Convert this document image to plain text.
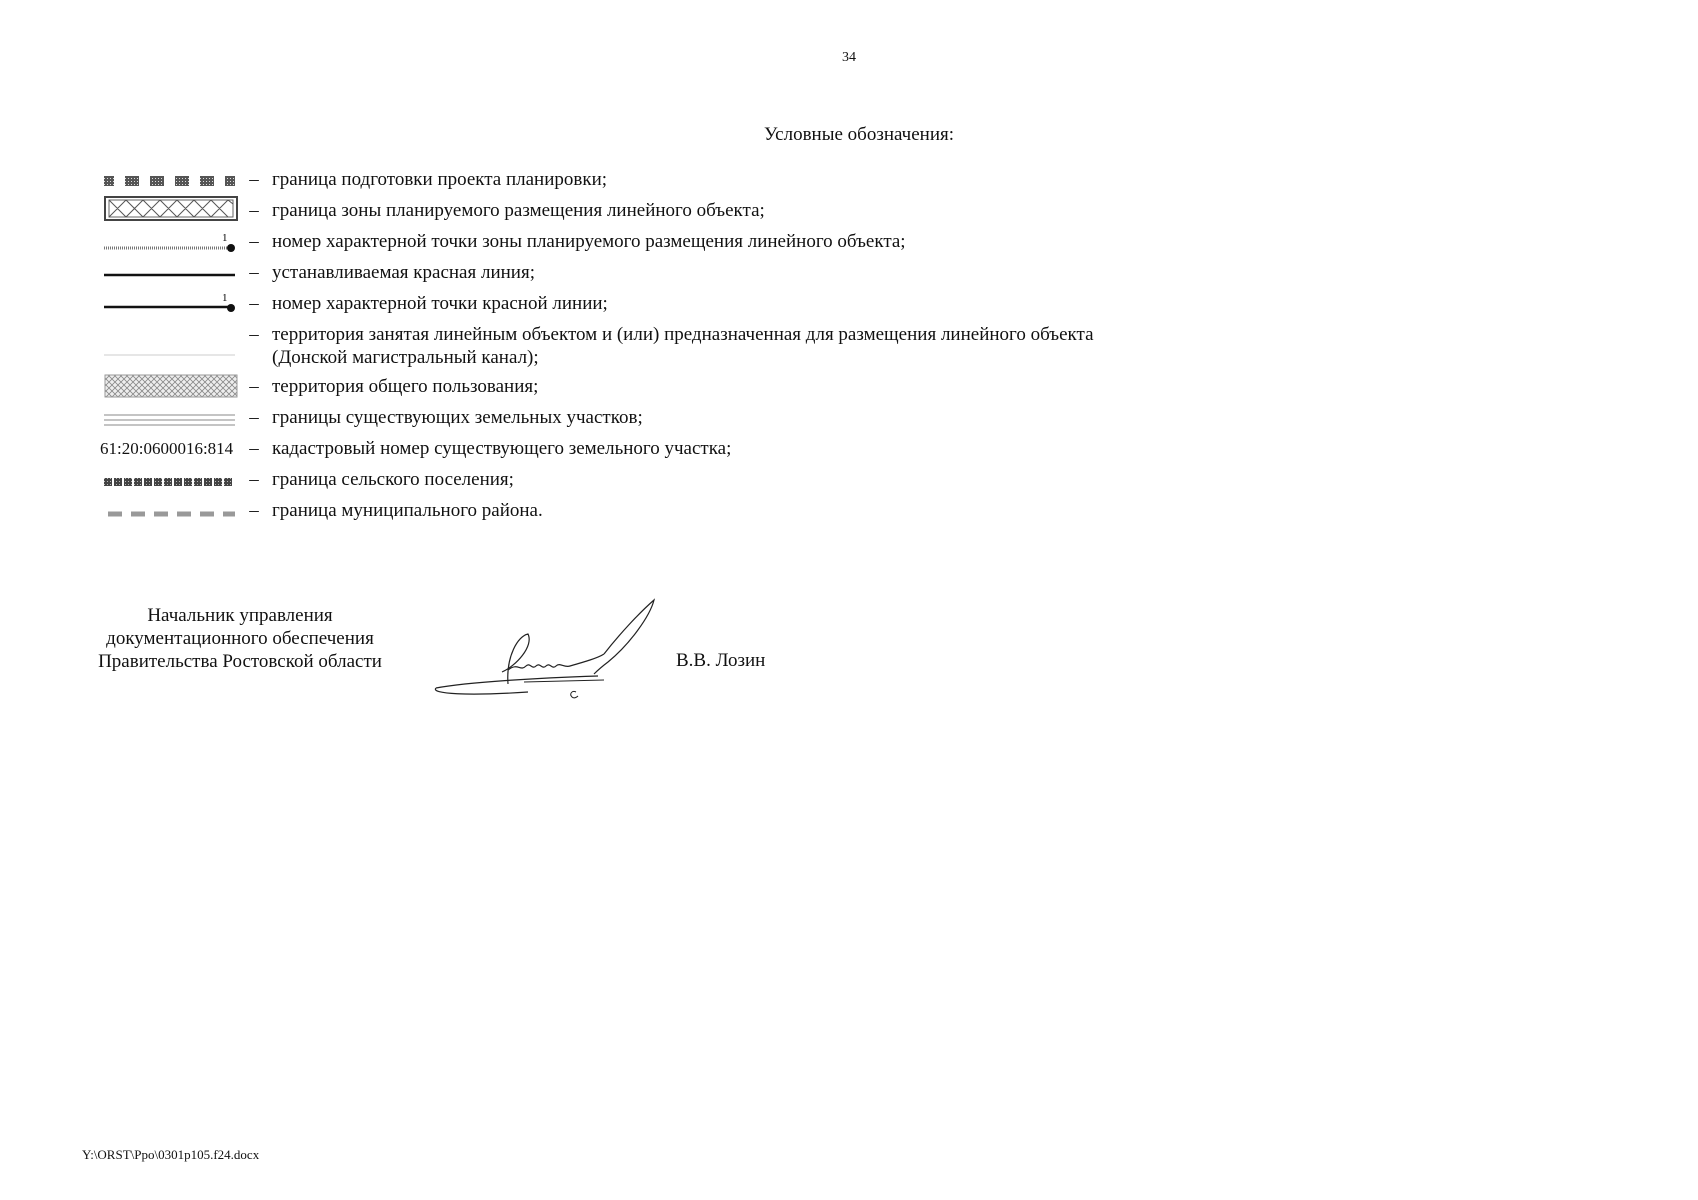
34
Условные обозначения:
– граница подготовки проекта планировки;
– граница зоны планируемого размещения линейного объекта;
1	– номер характерной точки зоны планируемого размещения линейного объекта;
– устанавливаемая красная линия;
1	– номер характерной точки красной линии;
– территория занятая линейным объектом и (или) предназначенная для размещения линейного объекта (Донской магистральный канал);
– территория общего пользования;
– границы существующих земельных участков;
61:20:0600016:814 – кадастровый номер существующего земельного участка;
– граница сельского поселения;
– граница муниципального района.
Начальник управления
документационного обеспечения
Правительства Ростовской области	В.В. Лозин
Y:\ORST\Ppo\0301p105.f24.docx
